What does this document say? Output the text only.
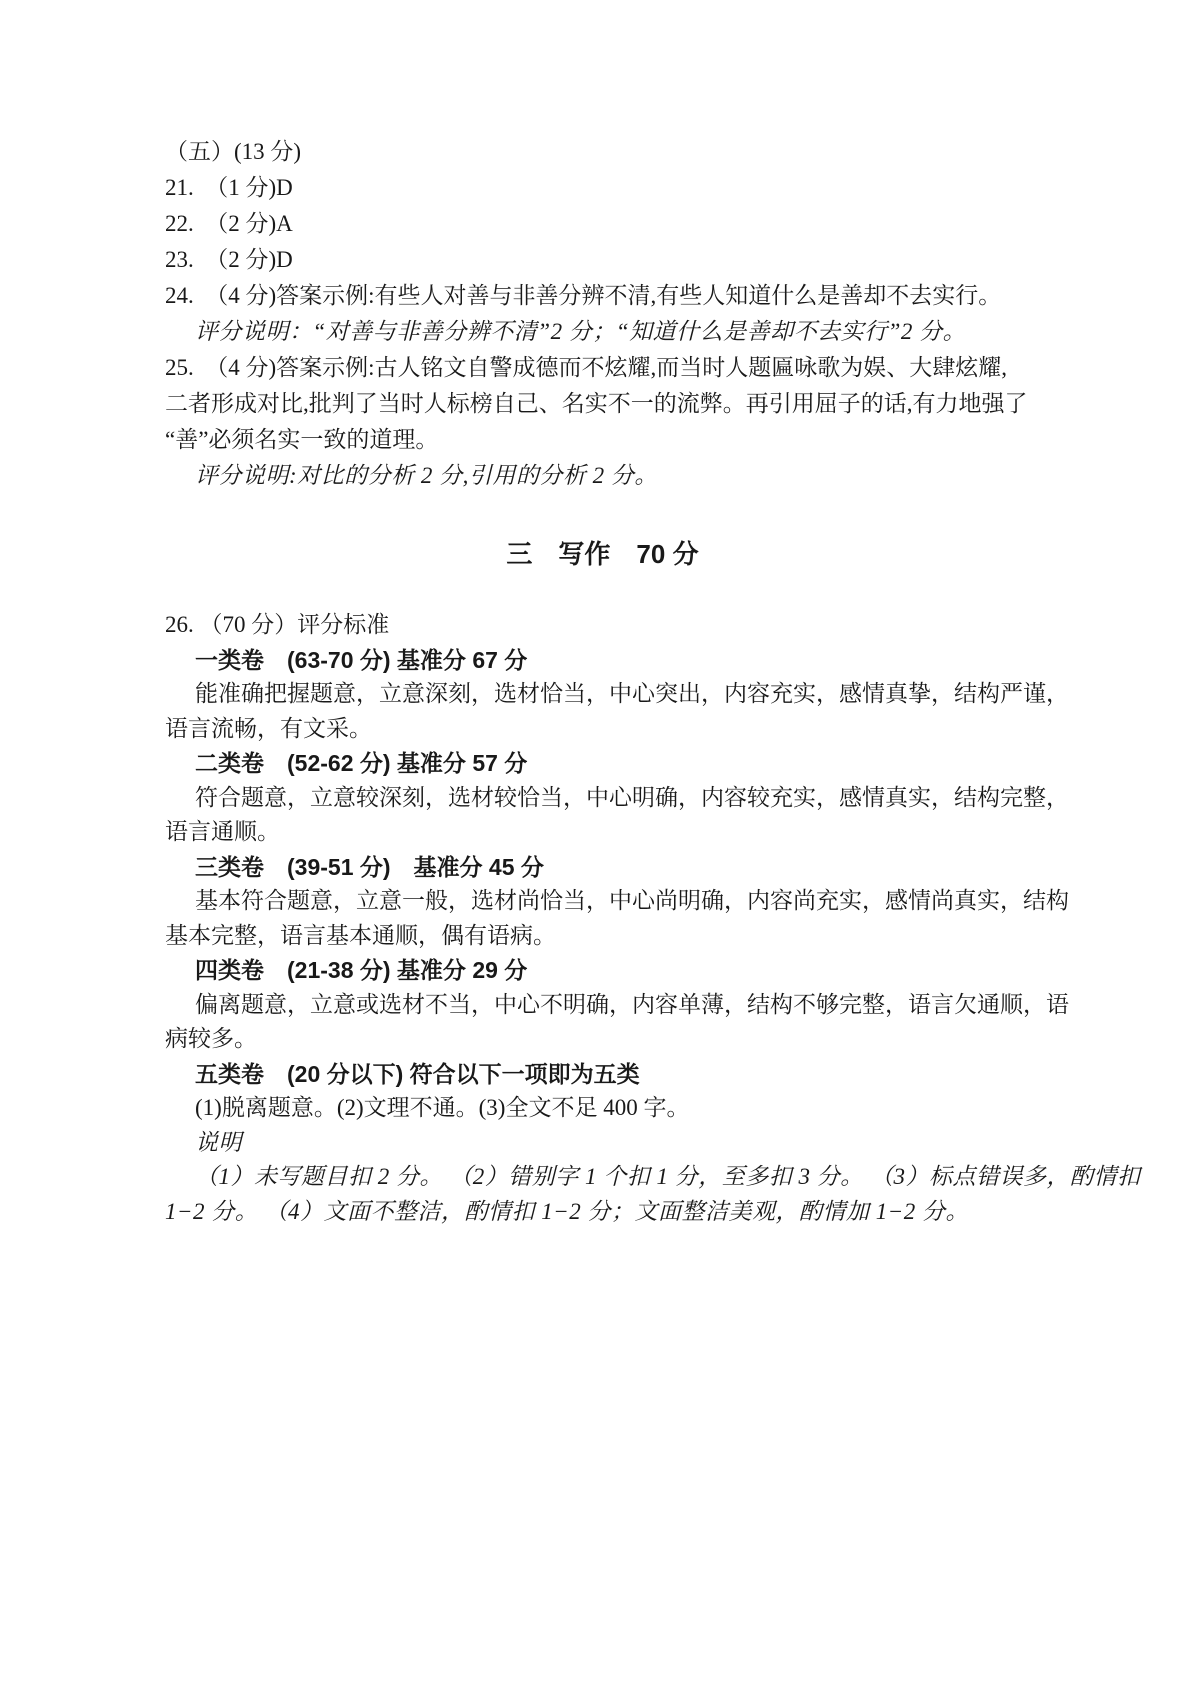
（五）(13 分)
21.  （1 分)D
22.  （2 分)A
23.  （2 分)D
24.  （4 分)答案示例:有些人对善与非善分辨不清,有些人知道什么是善却不去实行。
评分说明：“对善与非善分辨不清”2 分；“知道什么是善却不去实行”2 分。
25.  （4 分)答案示例:古人铭文自警成德而不炫耀,而当时人题匾咏歌为娱、大肆炫耀,
二者形成对比,批判了当时人标榜自己、名实不一的流弊。再引用屈子的话,有力地强了
“善”必须名实一致的道理。
评分说明:对比的分析 2 分,引用的分析 2 分。
三　写作　70 分
26. （70 分）评分标准
一类卷　(63-70 分) 基准分 67 分
能准确把握题意，立意深刻，选材恰当，中心突出，内容充实，感情真挚，结构严谨，
语言流畅，有文采。
二类卷　(52-62 分) 基准分 57 分
符合题意，立意较深刻，选材较恰当，中心明确，内容较充实，感情真实，结构完整，
语言通顺。
三类卷　(39-51 分)　基准分 45 分
基本符合题意，立意一般，选材尚恰当，中心尚明确，内容尚充实，感情尚真实，结构
基本完整，语言基本通顺，偶有语病。
四类卷　(21-38 分) 基准分 29 分
偏离题意，立意或选材不当，中心不明确，内容单薄，结构不够完整，语言欠通顺，语
病较多。
五类卷　(20 分以下) 符合以下一项即为五类
(1)脱离题意。(2)文理不通。(3)全文不足 400 字。
说明
（1）未写题目扣 2 分。 （2）错别字 1 个扣 1 分，至多扣 3 分。 （3）标点错误多，酌情扣
1−2 分。 （4）文面不整洁，酌情扣 1−2 分；文面整洁美观，酌情加 1−2 分。
